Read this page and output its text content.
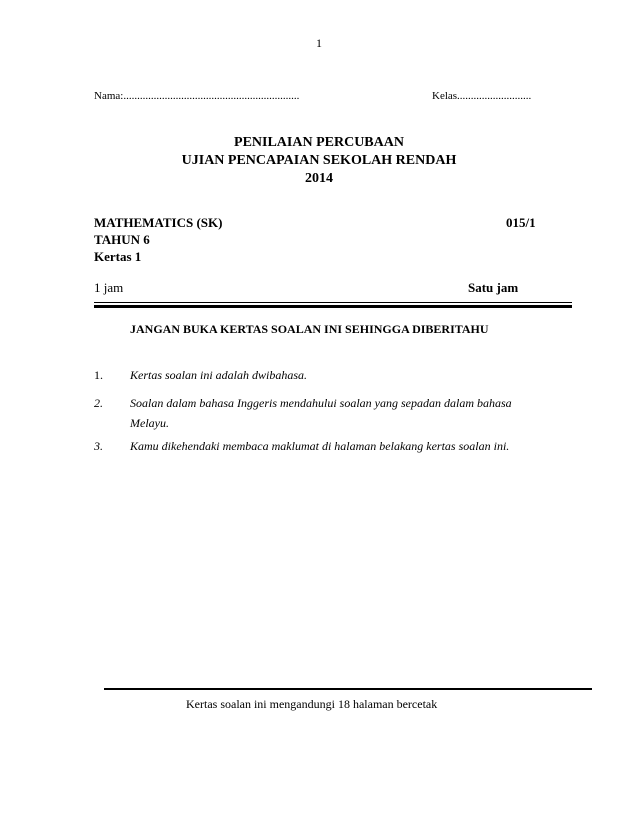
1
Nama:................................................................	Kelas...........................
PENILAIAN PERCUBAAN
UJIAN PENCAPAIAN SEKOLAH RENDAH
2014
MATHEMATICS (SK)
TAHUN 6
Kertas 1
015/1
1 jam	Satu jam
JANGAN BUKA KERTAS SOALAN INI SEHINGGA DIBERITAHU
1. Kertas soalan ini adalah dwibahasa.
2. Soalan dalam bahasa Inggeris mendahului soalan yang sepadan dalam bahasa Melayu.
3. Kamu dikehendaki membaca maklumat di halaman belakang kertas soalan ini.
Kertas soalan ini mengandungi 18 halaman bercetak
